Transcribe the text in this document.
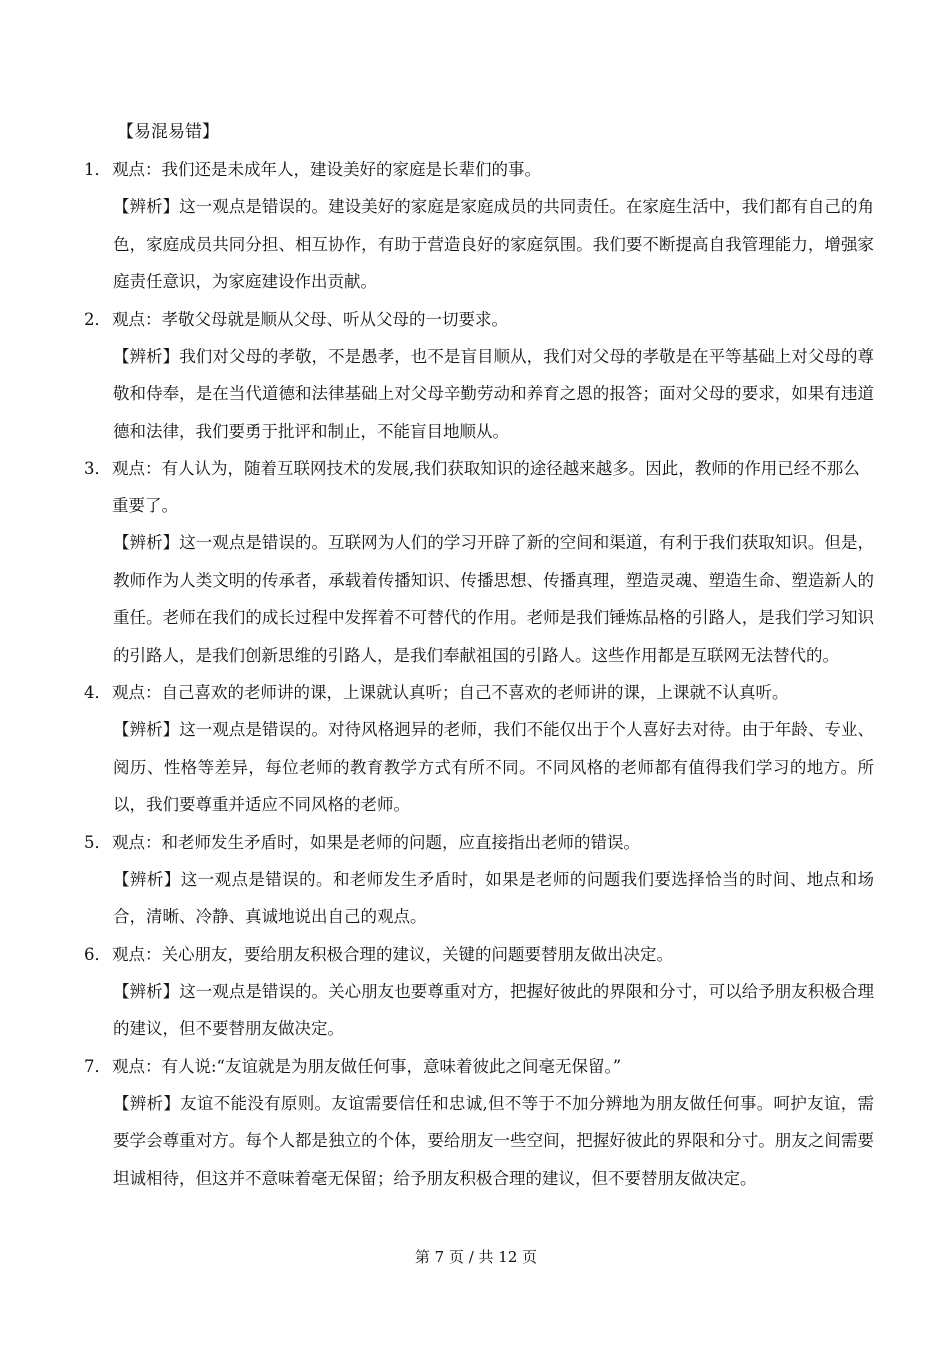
【易混易错】
1． 观点：我们还是未成年人，建设美好的家庭是长辈们的事。
【辨析】这一观点是错误的。建设美好的家庭是家庭成员的共同责任。在家庭生活中，我们都有自己的角色，家庭成员共同分担、相互协作，有助于营造良好的家庭氛围。我们要不断提高自我管理能力，增强家庭责任意识，为家庭建设作出贡献。
2． 观点：孝敬父母就是顺从父母、听从父母的一切要求。
【辨析】我们对父母的孝敬，不是愚孝，也不是盲目顺从，我们对父母的孝敬是在平等基础上对父母的尊敬和侍奉，是在当代道德和法律基础上对父母辛勤劳动和养育之恩的报答；面对父母的要求，如果有违道德和法律，我们要勇于批评和制止，不能盲目地顺从。
3． 观点：有人认为，随着互联网技术的发展,我们获取知识的途径越来越多。因此，教师的作用已经不那么重要了。
【辨析】这一观点是错误的。互联网为人们的学习开辟了新的空间和渠道，有利于我们获取知识。但是，教师作为人类文明的传承者，承载着传播知识、传播思想、传播真理，塑造灵魂、塑造生命、塑造新人的重任。老师在我们的成长过程中发挥着不可替代的作用。老师是我们锤炼品格的引路人，是我们学习知识的引路人，是我们创新思维的引路人，是我们奉献祖国的引路人。这些作用都是互联网无法替代的。
4． 观点：自己喜欢的老师讲的课，上课就认真听；自己不喜欢的老师讲的课，上课就不认真听。
【辨析】这一观点是错误的。对待风格迥异的老师，我们不能仅出于个人喜好去对待。由于年龄、专业、阅历、性格等差异，每位老师的教育教学方式有所不同。不同风格的老师都有值得我们学习的地方。所以，我们要尊重并适应不同风格的老师。
5． 观点：和老师发生矛盾时，如果是老师的问题，应直接指出老师的错误。
【辨析】这一观点是错误的。和老师发生矛盾时，如果是老师的问题我们要选择恰当的时间、地点和场合，清晰、冷静、真诚地说出自己的观点。
6． 观点：关心朋友，要给朋友积极合理的建议，关键的问题要替朋友做出决定。
【辨析】这一观点是错误的。关心朋友也要尊重对方，把握好彼此的界限和分寸，可以给予朋友积极合理的建议，但不要替朋友做决定。
7． 观点：有人说:“友谊就是为朋友做任何事，意味着彼此之间毫无保留。”
【辨析】友谊不能没有原则。友谊需要信任和忠诚,但不等于不加分辨地为朋友做任何事。呵护友谊，需要学会尊重对方。每个人都是独立的个体，要给朋友一些空间，把握好彼此的界限和分寸。朋友之间需要坦诚相待，但这并不意味着毫无保留；给予朋友积极合理的建议，但不要替朋友做决定。
第 7 页 / 共 12 页
